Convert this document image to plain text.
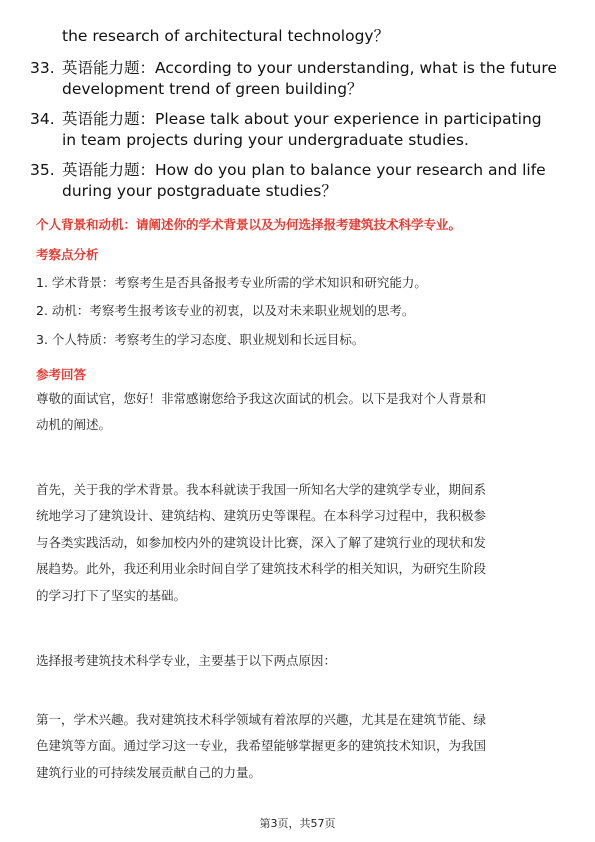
the research of architectural technology？
33. 英语能力题：According to your understanding, what is the future
development trend of green building？
34. 英语能力题：Please talk about your experience in participating
in team projects during your undergraduate studies.
35. 英语能力题：How do you plan to balance your research and life
during your postgraduate studies？
个人背景和动机：请阐述你的学术背景以及为何选择报考建筑技术科学专业。
考察点分析
1. 学术背景：考察考生是否具备报考专业所需的学术知识和研究能力。
2. 动机：考察考生报考该专业的初衷，以及对未来职业规划的思考。
3. 个人特质：考察考生的学习态度、职业规划和长远目标。
参考回答
尊敬的面试官，您好！非常感谢您给予我这次面试的机会。以下是我对个人背景和
动机的阐述。
首先，关于我的学术背景。我本科就读于我国一所知名大学的建筑学专业，期间系
统地学习了建筑设计、建筑结构、建筑历史等课程。在本科学习过程中，我积极参
与各类实践活动，如参加校内外的建筑设计比赛，深入了解了建筑行业的现状和发
展趋势。此外，我还利用业余时间自学了建筑技术科学的相关知识，为研究生阶段
的学习打下了坚实的基础。
选择报考建筑技术科学专业，主要基于以下两点原因：
第一，学术兴趣。我对建筑技术科学领域有着浓厚的兴趣，尤其是在建筑节能、绿
色建筑等方面。通过学习这一专业，我希望能够掌握更多的建筑技术知识，为我国
建筑行业的可持续发展贡献自己的力量。
第3页，共57页
